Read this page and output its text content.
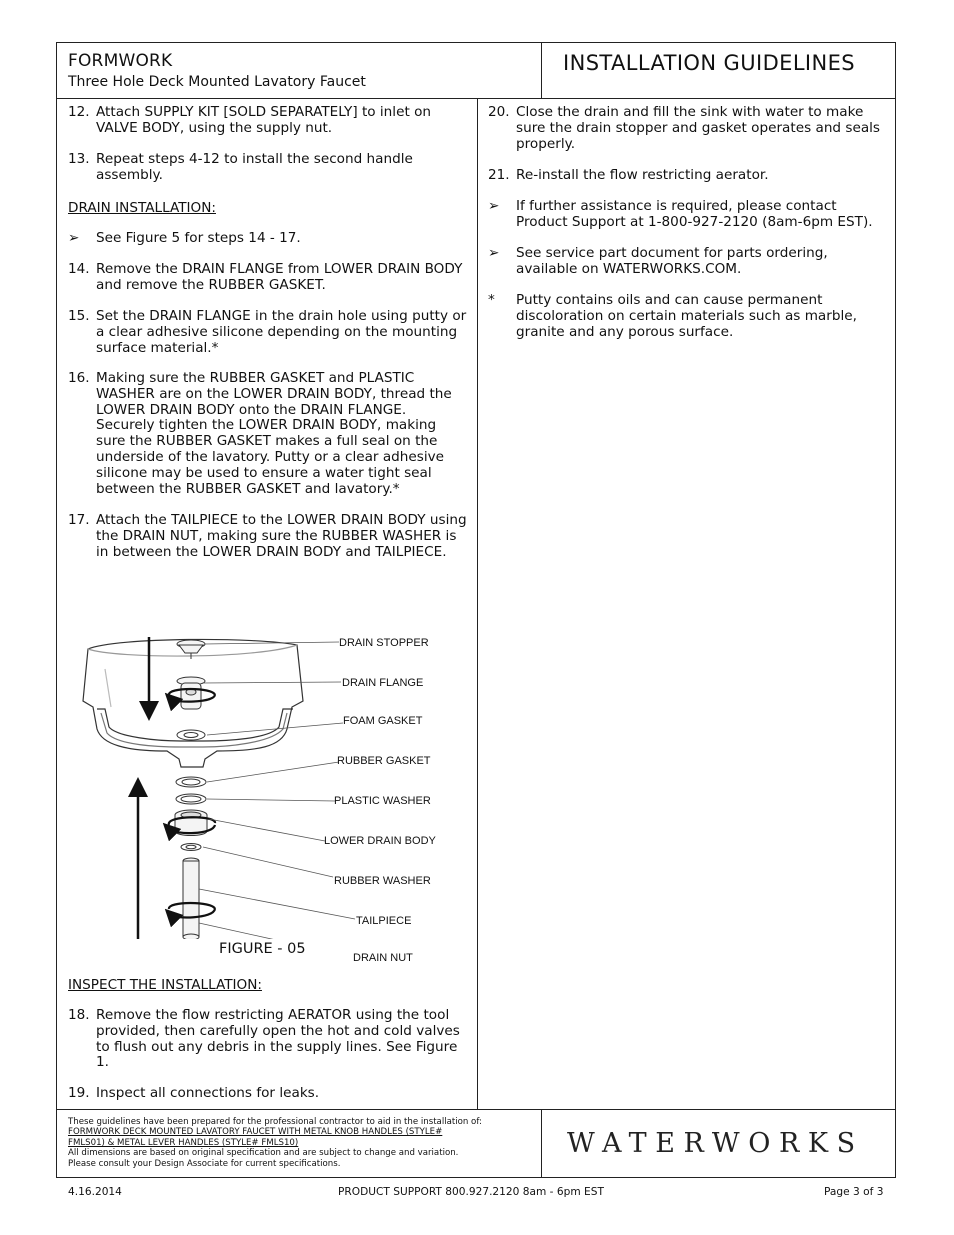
FORMWORK
Three Hole Deck Mounted Lavatory Faucet
INSTALLATION GUIDELINES
12. Attach SUPPLY KIT [SOLD SEPARATELY] to inlet on VALVE BODY, using the supply nut.
13. Repeat steps 4-12 to install the second handle assembly.
DRAIN INSTALLATION:
➢ See Figure 5 for steps 14 - 17.
14. Remove the DRAIN FLANGE from LOWER DRAIN BODY and remove the RUBBER GASKET.
15. Set the DRAIN FLANGE in the drain hole using putty or a clear adhesive silicone depending on the mounting surface material.*
16. Making sure the RUBBER GASKET and PLASTIC WASHER are on the LOWER DRAIN BODY, thread the LOWER DRAIN BODY onto the DRAIN FLANGE. Securely tighten the LOWER DRAIN BODY, making sure the RUBBER GASKET makes a full seal on the underside of the lavatory. Putty or a clear adhesive silicone may be used to ensure a water tight seal between the RUBBER GASKET and lavatory.*
17. Attach the TAILPIECE to the LOWER DRAIN BODY using the DRAIN NUT, making sure the RUBBER WASHER is in between the LOWER DRAIN BODY and TAILPIECE.
DRAIN STOPPER
DRAIN FLANGE
FOAM GASKET
RUBBER GASKET
PLASTIC WASHER
LOWER DRAIN BODY
RUBBER WASHER
TAILPIECE
DRAIN NUT
FIGURE - 05
INSPECT THE INSTALLATION:
18. Remove the flow restricting AERATOR using the tool provided, then carefully open the hot and cold valves to flush out any debris in the supply lines. See Figure 1.
19. Inspect all connections for leaks.
20. Close the drain and fill the sink with water to make sure the drain stopper and gasket operates and seals properly.
21. Re-install the flow restricting aerator.
➢ If further assistance is required, please contact Product Support at 1-800-927-2120 (8am-6pm EST).
➢ See service part document for parts ordering, available on WATERWORKS.COM.
* Putty contains oils and can cause permanent discoloration on certain materials such as marble, granite and any porous surface.
These guidelines have been prepared for the professional contractor to aid in the installation of:
FORMWORK DECK MOUNTED LAVATORY FAUCET WITH METAL KNOB HANDLES (STYLE#
FMLS01) & METAL LEVER HANDLES (STYLE# FMLS10)
All dimensions are based on original specification and are subject to change and variation.
Please consult your Design Associate for current specifications.
WATERWORKS
4.16.2014	PRODUCT SUPPORT 800.927.2120 8am - 6pm EST	Page 3 of 3
